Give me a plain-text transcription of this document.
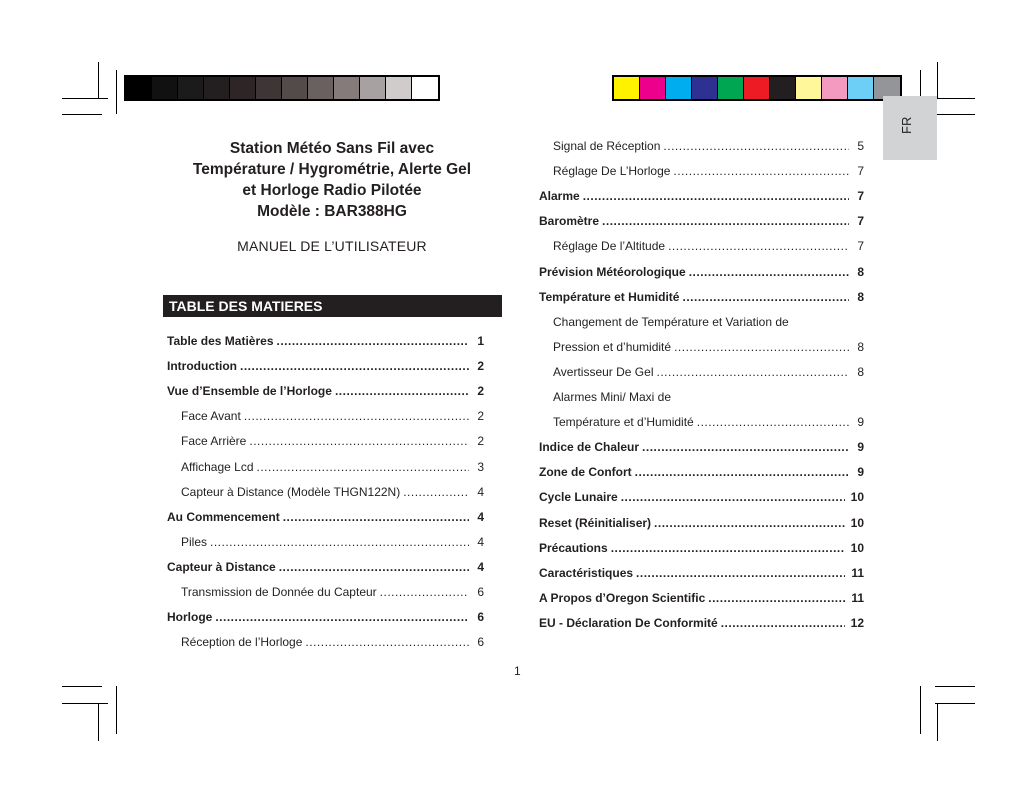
FR
Station Météo Sans Fil avec
Température / Hygrométrie, Alerte Gel
et Horloge Radio Pilotée
Modèle : BAR388HG
MANUEL DE L’UTILISATEUR
TABLE DES MATIERES
Table des Matières .....	1
Introduction .....	2
Vue d’Ensemble de l’Horloge .....	2
Face Avant .....	2
Face Arrière .....	2
Affichage Lcd .....	3
Capteur à Distance (Modèle THGN122N) .....	4
Au Commencement .....	4
Piles .....	4
Capteur à Distance .....	4
Transmission de Donnée du Capteur .....	6
Horloge .....	6
Réception de l’Horloge .....	6
Signal de Réception .....	5
Réglage De L’Horloge .....	7
Alarme .....	7
Baromètre .....	7
Réglage De l’Altitude .....	7
Prévision Météorologique .....	8
Température et Humidité .....	8
Changement de Température et Variation de
Pression et d’humidité .....	8
Avertisseur De Gel .....	8
Alarmes Mini/ Maxi de
Température et d’Humidité .....	9
Indice de Chaleur .....	9
Zone de Confort .....	9
Cycle Lunaire .....	10
Reset (Réinitialiser) .....	10
Précautions .....	10
Caractéristiques .....	11
A Propos d’Oregon Scientific .....	11
EU - Déclaration De Conformité .....	12
1
